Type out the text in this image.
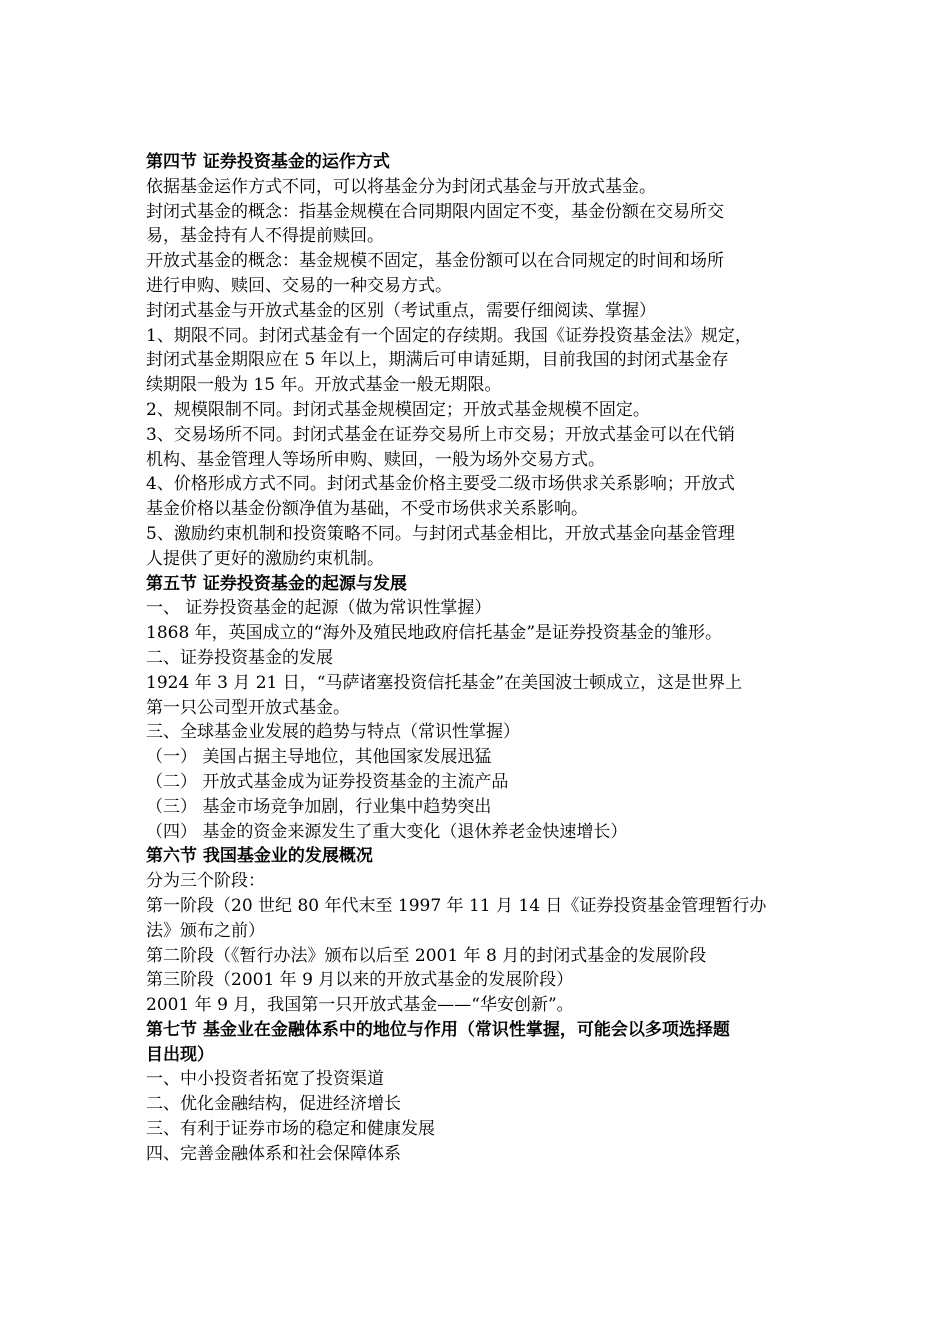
第四节 证券投资基金的运作方式
依据基金运作方式不同，可以将基金分为封闭式基金与开放式基金。
封闭式基金的概念：指基金规模在合同期限内固定不变，基金份额在交易所交
易，基金持有人不得提前赎回。
开放式基金的概念：基金规模不固定，基金份额可以在合同规定的时间和场所
进行申购、赎回、交易的一种交易方式。
封闭式基金与开放式基金的区别（考试重点，需要仔细阅读、掌握）
1、期限不同。封闭式基金有一个固定的存续期。我国《证券投资基金法》规定，
封闭式基金期限应在 5 年以上，期满后可申请延期，目前我国的封闭式基金存
续期限一般为 15 年。开放式基金一般无期限。
2、规模限制不同。封闭式基金规模固定；开放式基金规模不固定。
3、交易场所不同。封闭式基金在证券交易所上市交易；开放式基金可以在代销
机构、基金管理人等场所申购、赎回，一般为场外交易方式。
4、价格形成方式不同。封闭式基金价格主要受二级市场供求关系影响；开放式
基金价格以基金份额净值为基础，不受市场供求关系影响。
5、激励约束机制和投资策略不同。与封闭式基金相比，开放式基金向基金管理
人提供了更好的激励约束机制。
第五节 证券投资基金的起源与发展
一、 证券投资基金的起源（做为常识性掌握）
1868 年，英国成立的“海外及殖民地政府信托基金”是证券投资基金的雏形。
二、证券投资基金的发展
1924 年 3 月 21 日，“马萨诸塞投资信托基金”在美国波士顿成立，这是世界上
第一只公司型开放式基金。
三、全球基金业发展的趋势与特点（常识性掌握）
（一） 美国占据主导地位，其他国家发展迅猛
（二） 开放式基金成为证券投资基金的主流产品
（三） 基金市场竞争加剧，行业集中趋势突出
（四） 基金的资金来源发生了重大变化（退休养老金快速增长）
第六节 我国基金业的发展概况
分为三个阶段：
第一阶段（20 世纪 80 年代末至 1997 年 11 月 14 日《证券投资基金管理暂行办
法》颁布之前）
第二阶段（《暂行办法》颁布以后至 2001 年 8 月的封闭式基金的发展阶段
第三阶段（2001 年 9 月以来的开放式基金的发展阶段）
2001 年 9 月，我国第一只开放式基金——“华安创新”。
第七节 基金业在金融体系中的地位与作用（常识性掌握，可能会以多项选择题
目出现）
一、中小投资者拓宽了投资渠道
二、优化金融结构，促进经济增长
三、有利于证券市场的稳定和健康发展
四、完善金融体系和社会保障体系
